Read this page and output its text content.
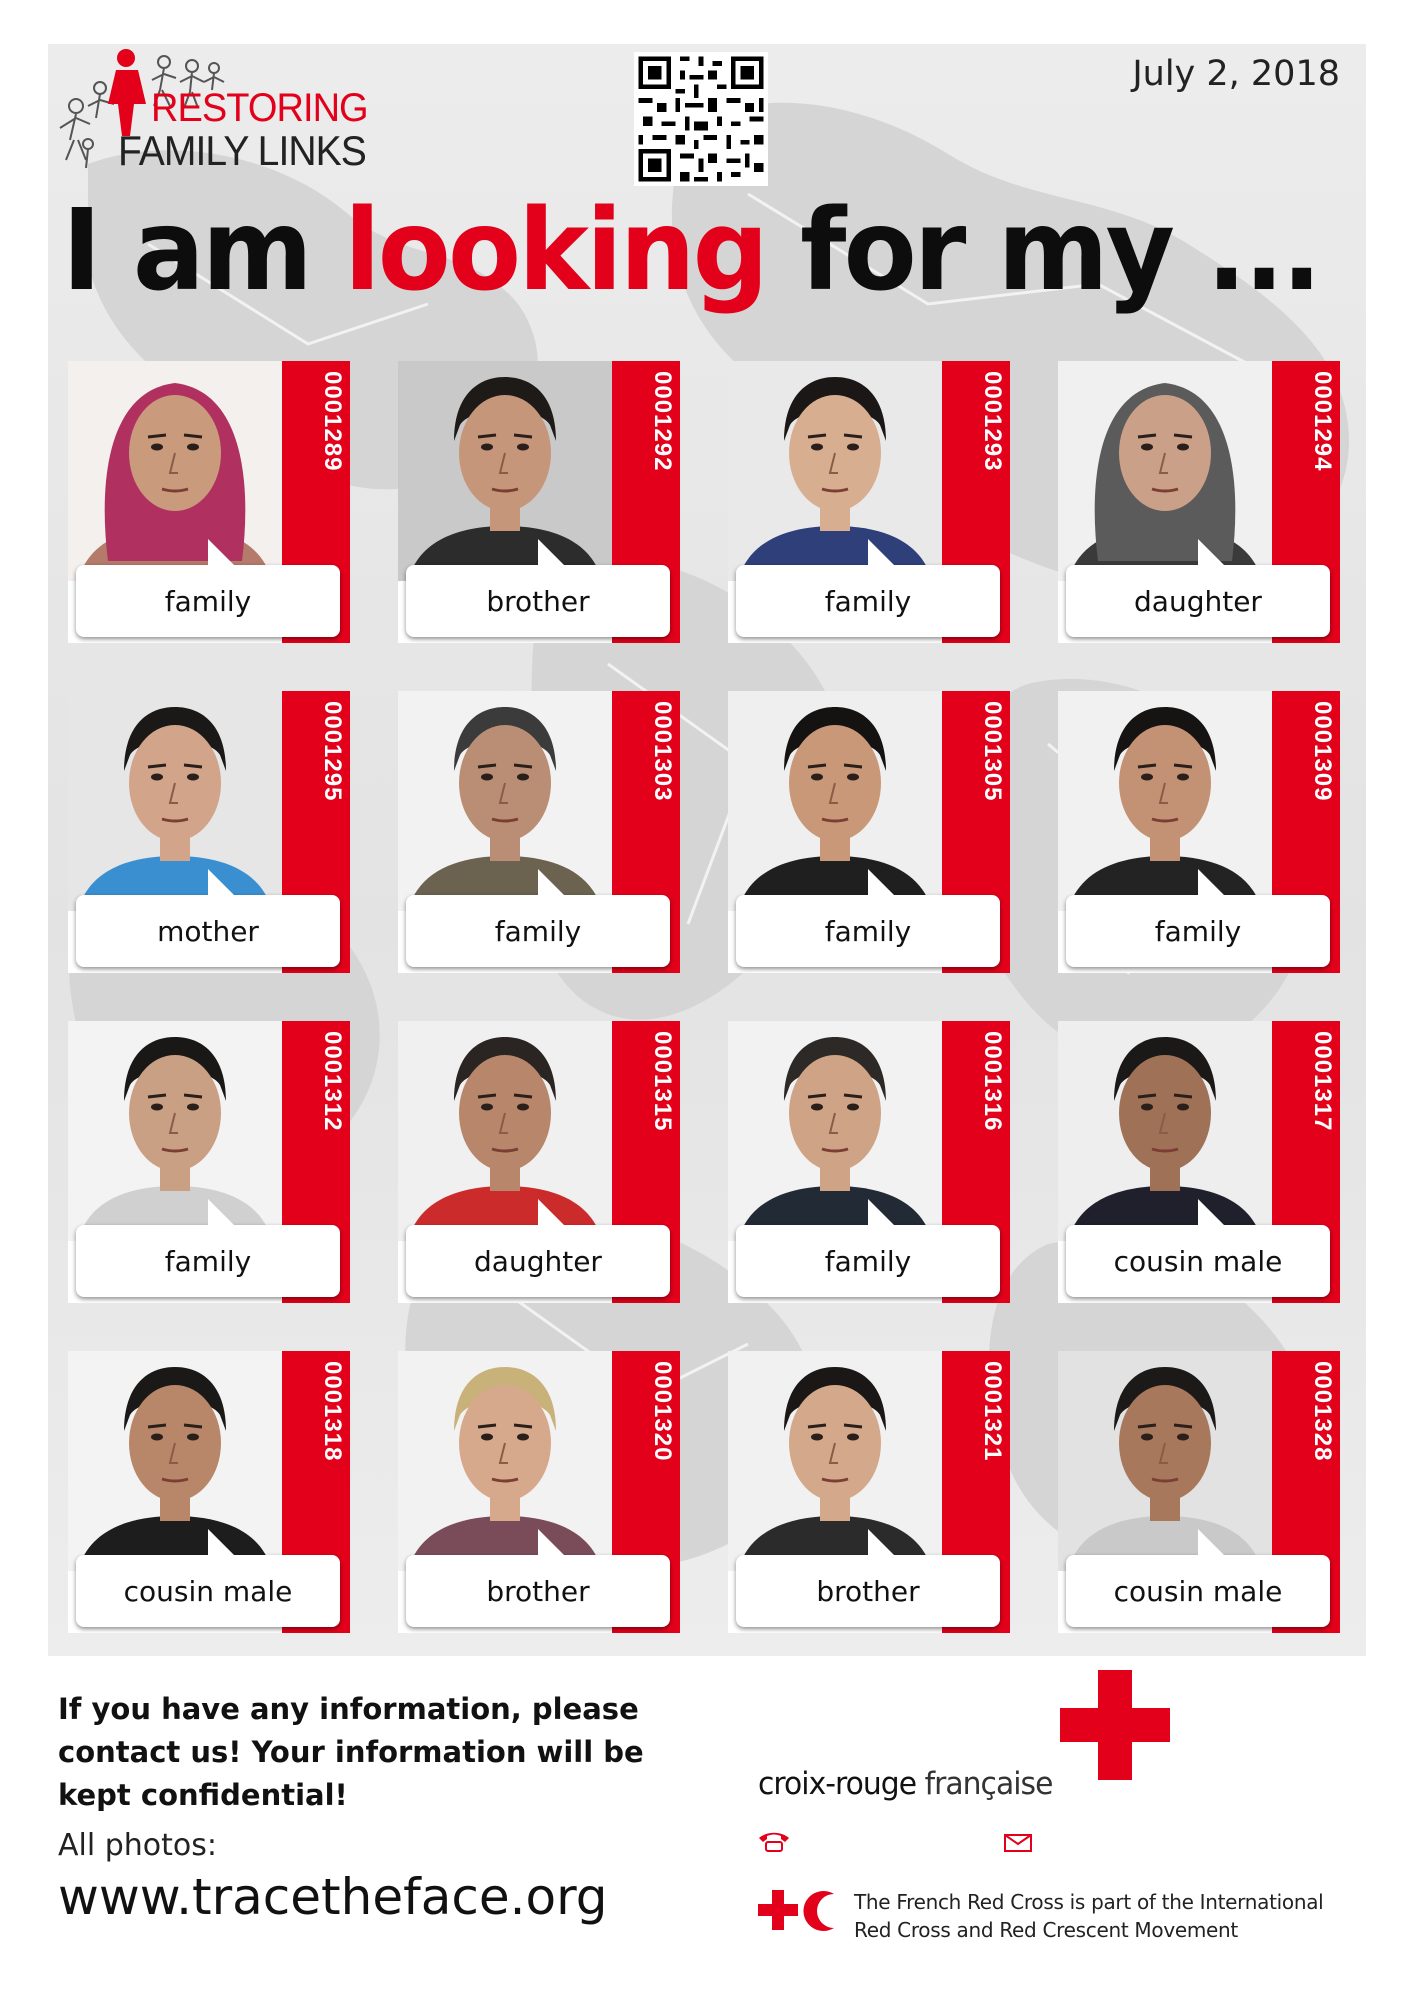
RESTORING
FAMILY LINKS
July 2, 2018
I am looking for my ...
0001289
family
0001292
brother
0001293
family
0001294
daughter
0001295
mother
0001303
family
0001305
family
0001309
family
0001312
family
0001315
daughter
0001316
family
0001317
cousin male
0001318
cousin male
0001320
brother
0001321
brother
0001328
cousin male
If you have any information, please contact us! Your information will be kept confidential!
All photos:
www.tracetheface.org
croix-rouge française
The French Red Cross is part of the International Red Cross and Red Crescent Movement
